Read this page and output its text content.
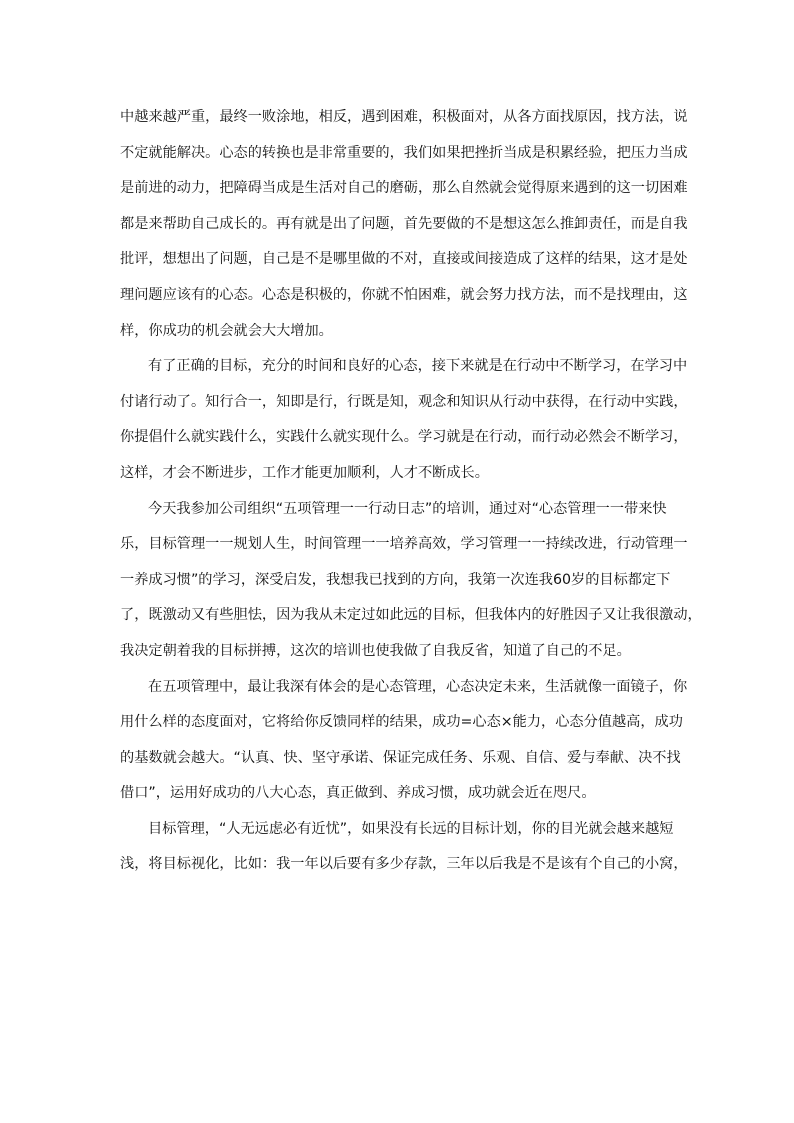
中越来越严重，最终一败涂地，相反，遇到困难，积极面对，从各方面找原因，找方法，说
不定就能解决。心态的转换也是非常重要的，我们如果把挫折当成是积累经验，把压力当成
是前进的动力，把障碍当成是生活对自己的磨砺，那么自然就会觉得原来遇到的这一切困难
都是来帮助自己成长的。再有就是出了问题，首先要做的不是想这怎么推卸责任，而是自我
批评，想想出了问题，自己是不是哪里做的不对，直接或间接造成了这样的结果，这才是处
理问题应该有的心态。心态是积极的，你就不怕困难，就会努力找方法，而不是找理由，这
样，你成功的机会就会大大增加。
有了正确的目标，充分的时间和良好的心态，接下来就是在行动中不断学习，在学习中
付诸行动了。知行合一，知即是行，行既是知，观念和知识从行动中获得，在行动中实践，
你提倡什么就实践什么，实践什么就实现什么。学习就是在行动，而行动必然会不断学习，
这样，才会不断进步，工作才能更加顺利，人才不断成长。
今天我参加公司组织“五项管理一一行动日志”的培训，通过对“心态管理一一带来快
乐，目标管理一一规划人生，时间管理一一培养高效，学习管理一一持续改进，行动管理一
一养成习惯”的学习，深受启发，我想我已找到的方向，我第一次连我60岁的目标都定下
了，既激动又有些胆怯，因为我从未定过如此远的目标，但我体内的好胜因子又让我很激动，
我决定朝着我的目标拼搏，这次的培训也使我做了自我反省，知道了自己的不足。
在五项管理中，最让我深有体会的是心态管理，心态决定未来，生活就像一面镜子，你
用什么样的态度面对，它将给你反馈同样的结果，成功=心态×能力，心态分值越高，成功
的基数就会越大。“认真、快、坚守承诺、保证完成任务、乐观、自信、爱与奉献、决不找
借口”，运用好成功的八大心态，真正做到、养成习惯，成功就会近在咫尺。
目标管理，“人无远虑必有近忧”，如果没有长远的目标计划，你的目光就会越来越短
浅，将目标视化，比如：我一年以后要有多少存款，三年以后我是不是该有个自己的小窝，
